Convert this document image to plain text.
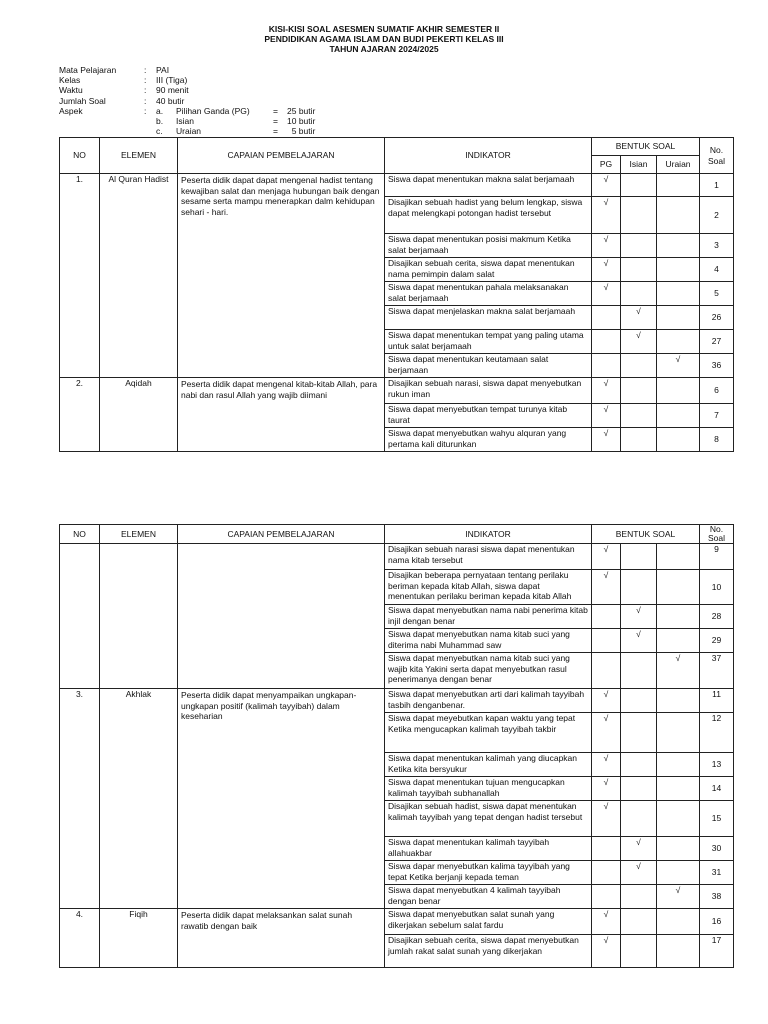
KISI-KISI SOAL ASESMEN SUMATIF AKHIR SEMESTER II
PENDIDIKAN AGAMA ISLAM DAN BUDI PEKERTI KELAS III
TAHUN AJARAN 2024/2025
Mata Pelajaran	:	PAI
Kelas	:	III (Tiga)
Waktu	:	90 menit
Jumlah Soal	:	40 butir
Aspek	:	a.	Pilihan Ganda (PG)	=	25 butir
b.	Isian	=	10 butir
c.	Uraian	=	5 butir
NO	ELEMEN	CAPAIAN PEMBELAJARAN	INDIKATOR	BENTUK SOAL			No. Soal
				PG	Isian	Uraian	
1.	Al Quran Hadist	Peserta didik dapat dapat mengenal hadist tentang kewajiban salat dan menjaga hubungan baik dengan sesame serta mampu menerapkan dalm kehidupan sehari - hari.	Siswa dapat menentukan makna salat berjamaah	√			1
			Disajikan sebuah hadist yang belum lengkap, siswa dapat melengkapi potongan hadist tersebut	√			2
			Siswa dapat menentukan posisi makmum Ketika salat berjamaah	√			3
			Disajikan sebuah cerita, siswa dapat menentukan nama pemimpin dalam salat	√			4
			Siswa dapat menentukan pahala melaksanakan salat berjamaah	√			5
			Siswa dapat menjelaskan makna salat berjamaah		√		26
			Siswa dapat menentukan tempat yang paling utama untuk salat berjamaah		√		27
			Siswa dapat menentukan keutamaan salat berjamaan			√	36
2.	Aqidah	Peserta didik dapat mengenal kitab-kitab Allah, para nabi dan rasul Allah yang wajib diimani	Disajikan sebuah narasi, siswa dapat menyebutkan rukun iman	√			6
			Siswa dapat menyebutkan tempat turunya kitab taurat	√			7
			Siswa dapat menyebutkan wahyu alquran yang pertama kali diturunkan	√			8
NO	ELEMEN	CAPAIAN PEMBELAJARAN	INDIKATOR	BENTUK SOAL			No. Soal
			Disajikan sebuah narasi siswa dapat menentukan nama kitab tersebut	√			9
			Disajikan beberapa pernyataan tentang perilaku beriman kepada kitab Allah, siswa dapat menentukan perilaku beriman kepada kitab Allah	√			10
			Siswa dapat menyebutkan nama nabi penerima kitab injil dengan benar		√		28
			Siswa dapat menyebutkan nama kitab suci yang diterima nabi Muhammad saw		√		29
			Siswa dapat menyebutkan nama kitab suci yang wajib kita Yakini serta dapat menyebutkan rasul penerimanya dengan benar			√	37
3.	Akhlak	Peserta didik dapat menyampaikan ungkapan-ungkapan positif (kalimah tayyibah) dalam keseharian	Siswa dapat menyebutkan arti dari kalimah tayyibah tasbih denganbenar.	√			11
			Siswa dapat meyebutkan kapan waktu yang tepat Ketika mengucapkan kalimah tayyibah takbir	√			12
			Siswa dapat menentukan kalimah yang diucapkan Ketika kita bersyukur	√			13
			Siswa dapat menentukan tujuan mengucapkan kalimah tayyibah subhanallah	√			14
			Disajikan sebuah hadist, siswa dapat menentukan kalimah tayyibah yang tepat dengan hadist tersebut	√			15
			Siswa dapat menentukan kalimah tayyibah allahuakbar		√		30
			Siswa dapar menyebutkan kalima tayyibah yang tepat Ketika berjanji kepada teman		√		31
			Siswa dapat menyebutkan 4 kalimah tayyibah dengan benar			√	38
4.	Fiqih	Peserta didik dapat melaksankan salat sunah rawatib dengan baik	Siswa dapat menyebutkan salat sunah yang dikerjakan sebelum salat fardu	√			16
			Disajikan sebuah cerita, siswa dapat menyebutkan jumlah rakat salat sunah yang dikerjakan	√			17
